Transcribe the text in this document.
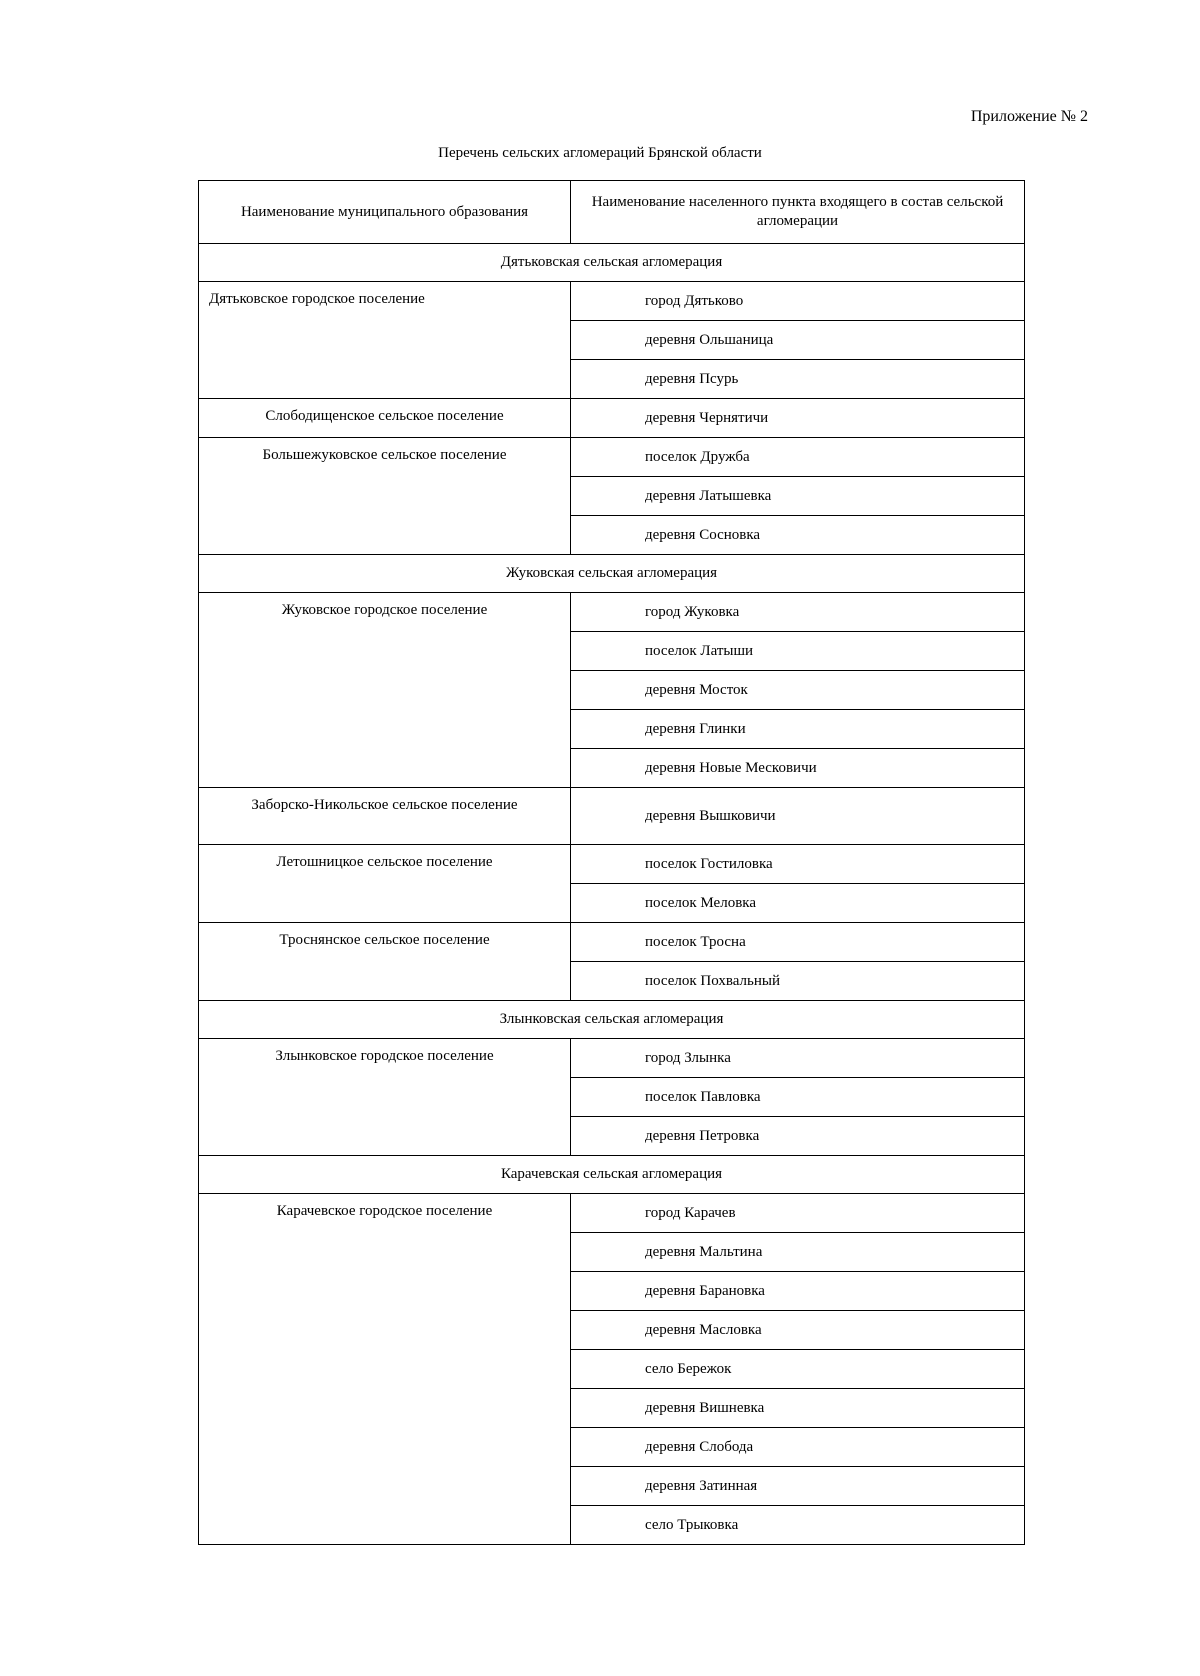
Приложение № 2
Перечень сельских агломераций Брянской области
Наименование муниципального образования	Наименование населенного пункта входящего в состав сельской агломерации
Дятьковская сельская агломерация	
Дятьковское городское поселение	город Дятьково
	деревня Ольшаница
	деревня Псурь
Слободищенское сельское поселение	деревня Чернятичи
Большежуковское сельское поселение	поселок Дружба
	деревня Латышевка
	деревня Сосновка
Жуковская сельская агломерация	
Жуковское городское поселение	город Жуковка
	поселок Латыши
	деревня Мосток
	деревня Глинки
	деревня Новые Месковичи
Заборско-Никольское сельское поселение	деревня Вышковичи
Летошницкое сельское поселение	поселок Гостиловка
	поселок Меловка
Троснянское сельское поселение	поселок Тросна
	поселок Похвальный
Злынковская сельская агломерация	
Злынковское городское поселение	город Злынка
	поселок Павловка
	деревня Петровка
Карачевская сельская агломерация	
Карачевское городское поселение	город Карачев
	деревня Мальтина
	деревня Барановка
	деревня Масловка
	село Бережок
	деревня Вишневка
	деревня Слобода
	деревня Затинная
	село Трыковка
